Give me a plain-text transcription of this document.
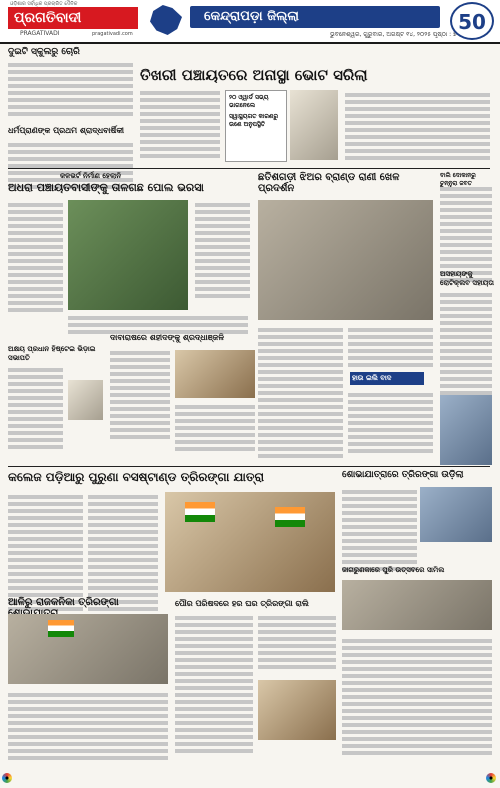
ଓଡ଼ିଶାର ସର୍ବାଧିକ ପ୍ରଚାରିତ ଦୈନିକ
ପ୍ରଗତିବାଦୀ
PRAGATIVADI	pragativadi.com
କେନ୍ଦ୍ରାପଡ଼ା ଜିଲ୍ଲା
ଭୁବନେଶ୍ୱର, ଗୁରୁବାର, ଅଗଷ୍ଟ ୧୪, ୨୦୨୫ ପୃଷ୍ଠା : ୭
50
ଦୁଇଟି ସ୍କୁଲରୁ ଚୋରି
ଧର୍ମପ୍ରାଣଙ୍କ ପ୍ରଥମ ଶ୍ରାଦ୍ଧବାର୍ଷିକୀ
ତିଖରୀ ପଞ୍ଚାୟତରେ ଅନାସ୍ଥା ଭୋଟ ସରିଲା
୨୦ ଓ୍ୱାର୍ଡ ସଭ୍ୟ ଭାଗନେଲେ
ସ୍ୱାସ୍ଥ୍ୟଗତ କାରଣରୁ ଉଣେ ଅନୁପସ୍ଥିତି
କଳଭର୍ଟ ନିର୍ମାଣ ହେଲାନି
ଅଧରା ପଞ୍ଚାୟତବାସୀଙ୍କୁ ତାଳଗଛ ପୋଲ ଭରସା
ଛତିଶଗଡ଼ୀ ଝିଅର ବ୍ରାଣ୍ଡ ରାଣୀ ଖେଳ ପ୍ରଦର୍ଶନ
ହାଉ ଇଲି ବାଦ
ବାଲି ଦୋକାନରୁ ଚୁନ୍ନୁରା ଜବତ
ଅସହାୟଙ୍କୁ ରୋଟିକ୍ଲବ ସହାୟତା
ଅକ୍ଷୟ ପ୍ରଧାନ ହିଷ୍ଟେଇ ଭିଡ଼ାଇ ସଭାପତି
ଦାବାରାଷରେ ଶହୀଦଙ୍କୁ ଶ୍ରଦ୍ଧାଞ୍ଜଳି
କଲେଜ ପଡ଼ିଆରୁ ପୁରୁଣା ବସଷ୍ଟାଣ୍ଡ ତ୍ରିରଙ୍ଗା ଯାତ୍ରା	ଶୋଭାଯାତ୍ରାରେ ତ୍ରିରଙ୍ଗା ଉଡ଼ିଲା
ଜାଗରୁଣକାରେ ପୁରି ଉତ୍ସବରେ ସାମିଲ
ଆଳିରୁ ରାଜକନିକା ତ୍ରିରଙ୍ଗା	ପୌର ପରିଷଦରେ ହର ଘର ତ୍ରିରଙ୍ଗା ରାଲି
